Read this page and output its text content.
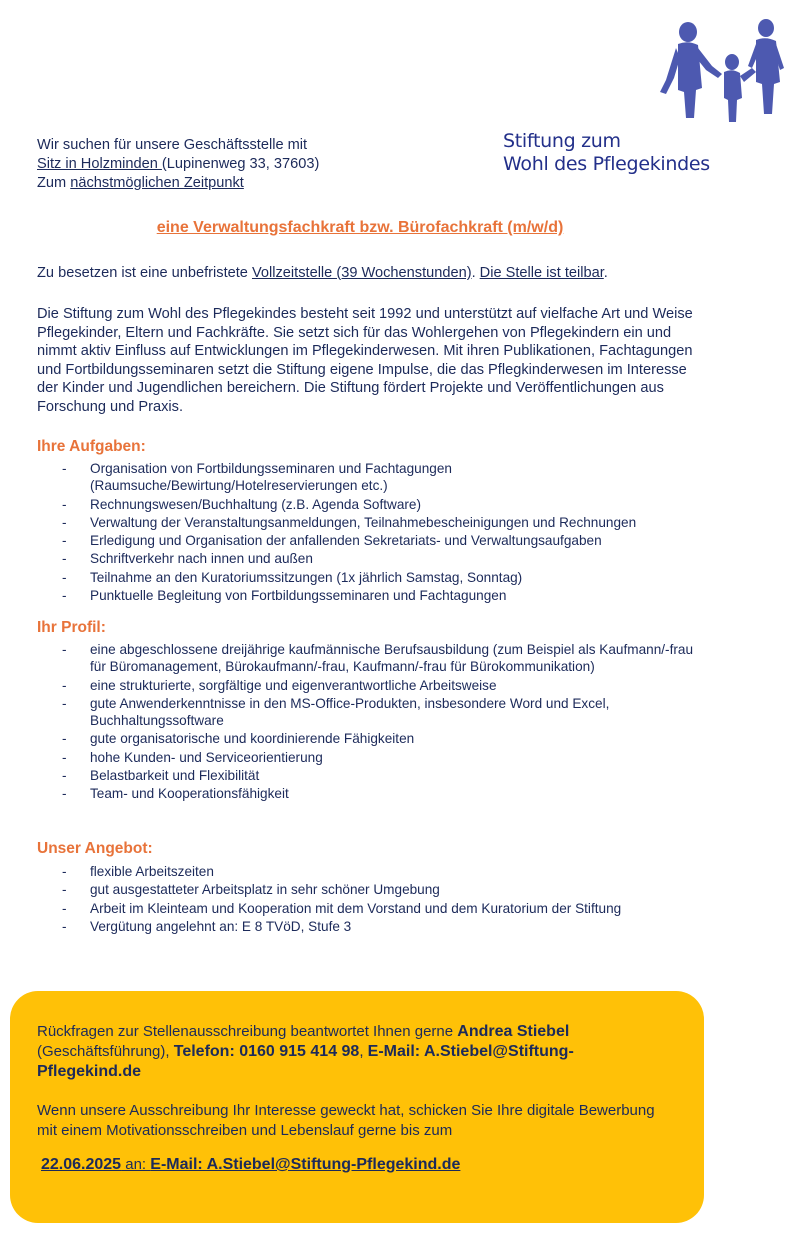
Stiftung zum
Wohl des Pflegekindes
Wir suchen für unsere Geschäftsstelle mit
Sitz in Holzminden (Lupinenweg 33, 37603)
Zum nächstmöglichen Zeitpunkt
eine Verwaltungsfachkraft bzw. Bürofachkraft (m/w/d)
Zu besetzen ist eine unbefristete Vollzeitstelle (39 Wochenstunden). Die Stelle ist teilbar.
Die Stiftung zum Wohl des Pflegekindes besteht seit 1992 und unterstützt auf vielfache Art und Weise Pflegekinder, Eltern und Fachkräfte. Sie setzt sich für das Wohlergehen von Pflegekindern ein und nimmt aktiv Einfluss auf Entwicklungen im Pflegekinderwesen. Mit ihren Publikationen, Fachtagungen und Fortbildungsseminaren setzt die Stiftung eigene Impulse, die das Pflegkinderwesen im Interesse der Kinder und Jugendlichen bereichern. Die Stiftung fördert Projekte und Veröffentlichungen aus Forschung und Praxis.
Ihre Aufgaben:
- Organisation von Fortbildungsseminaren und Fachtagungen (Raumsuche/Bewirtung/Hotelreservierungen etc.)
- Rechnungswesen/Buchhaltung (z.B. Agenda Software)
- Verwaltung der Veranstaltungsanmeldungen, Teilnahmebescheinigungen und Rechnungen
- Erledigung und Organisation der anfallenden Sekretariats- und Verwaltungsaufgaben
- Schriftverkehr nach innen und außen
- Teilnahme an den Kuratoriumssitzungen (1x jährlich Samstag, Sonntag)
- Punktuelle Begleitung von Fortbildungsseminaren und Fachtagungen
Ihr Profil:
- eine abgeschlossene dreijährige kaufmännische Berufsausbildung (zum Beispiel als Kaufmann/-frau für Büromanagement, Bürokaufmann/-frau, Kaufmann/-frau für Bürokommunikation)
- eine strukturierte, sorgfältige und eigenverantwortliche Arbeitsweise
- gute Anwenderkenntnisse in den MS-Office-Produkten, insbesondere Word und Excel, Buchhaltungssoftware
- gute organisatorische und koordinierende Fähigkeiten
- hohe Kunden- und Serviceorientierung
- Belastbarkeit und Flexibilität
- Team- und Kooperationsfähigkeit
Unser Angebot:
- flexible Arbeitszeiten
- gut ausgestatteter Arbeitsplatz in sehr schöner Umgebung
- Arbeit im Kleinteam und Kooperation mit dem Vorstand und dem Kuratorium der Stiftung
- Vergütung angelehnt an: E 8 TVöD, Stufe 3
Rückfragen zur Stellenausschreibung beantwortet Ihnen gerne Andrea Stiebel
(Geschäftsführung), Telefon: 0160 915 414 98, E-Mail: A.Stiebel@Stiftung-Pflegekind.de
Wenn unsere Ausschreibung Ihr Interesse geweckt hat, schicken Sie Ihre digitale Bewerbung mit einem Motivationsschreiben und Lebenslauf gerne bis zum
22.06.2025 an: E-Mail: A.Stiebel@Stiftung-Pflegekind.de
